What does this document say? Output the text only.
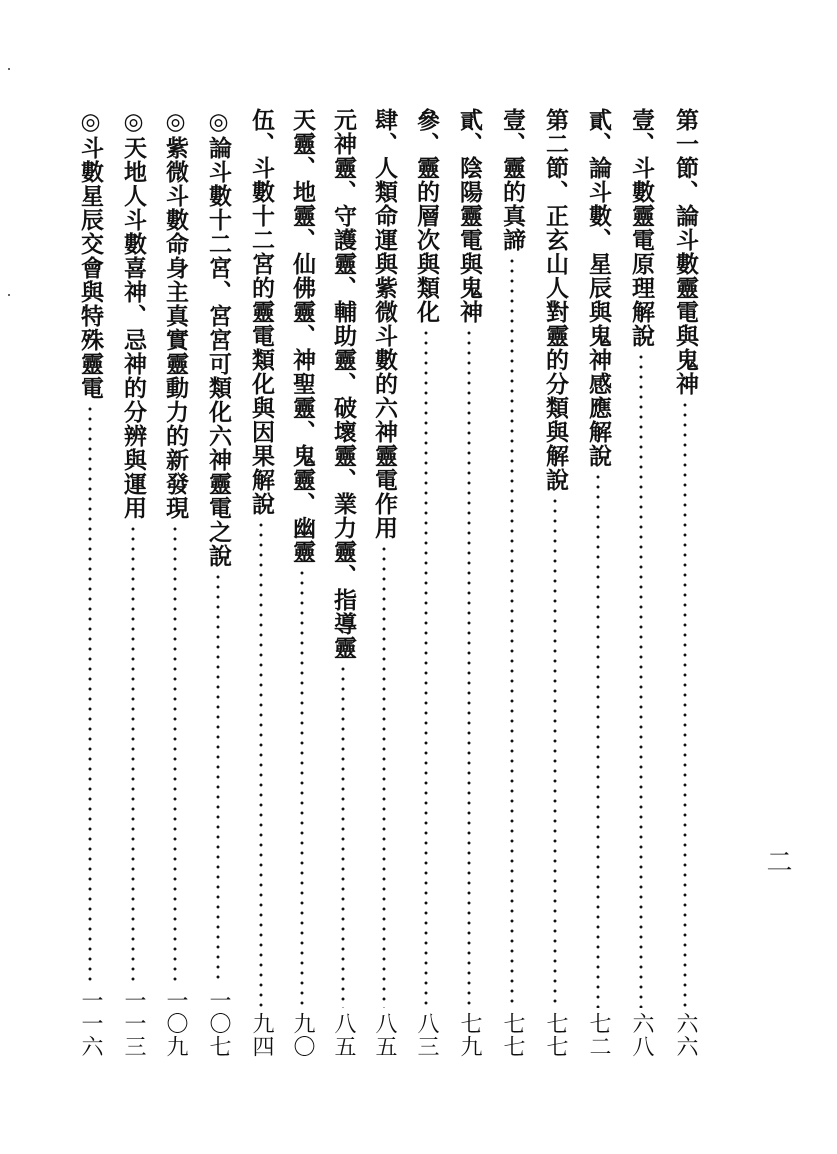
第一節、論斗數靈電與鬼神
六六
壹、斗數靈電原理解說
六八
貳、論斗數、星辰與鬼神感應解說
七二
第二節、正玄山人對靈的分類與解說
七七
壹、靈的真諦
七七
貳、陰陽靈電與鬼神
七九
參、靈的層次與類化
八三
肆、人類命運與紫微斗數的六神靈電作用
八五
元神靈、守護靈、輔助靈、破壞靈、業力靈、指導靈
八五
天靈、地靈、仙佛靈、神聖靈、鬼靈、幽靈
九〇
伍、斗數十二宮的靈電類化與因果解說
九四
◎論斗數十二宮、宮宮可類化六神靈電之說
一〇七
◎紫微斗數命身主真實靈動力的新發現
一〇九
◎天地人斗數喜神、忌神的分辨與運用
一一三
◎斗數星辰交會與特殊靈電
一一六
二
